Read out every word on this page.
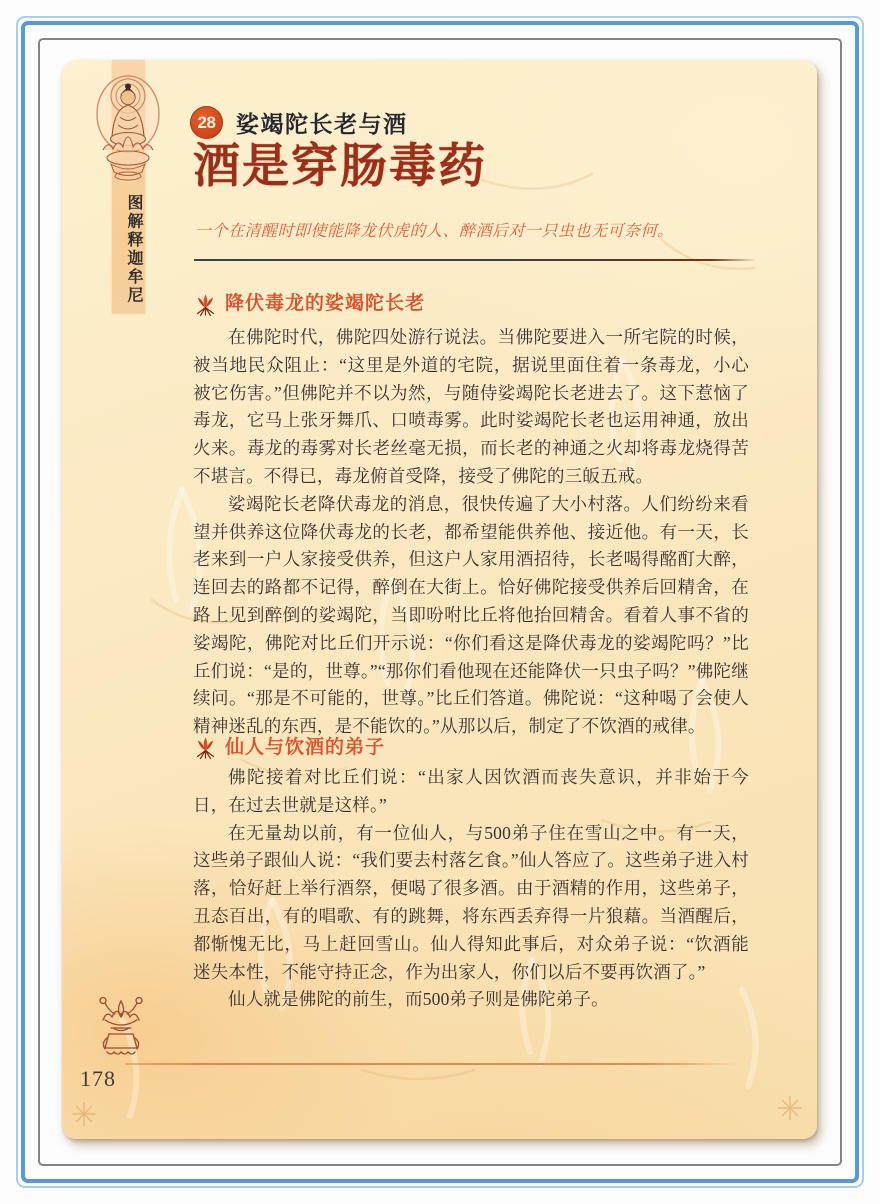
图解释迦牟尼
28 娑竭陀长老与酒
酒是穿肠毒药

一个在清醒时即使能降龙伏虎的人、醉酒后对一只虫也无可奈何。

降伏毒龙的娑竭陀长老

在佛陀时代，佛陀四处游行说法。当佛陀要进入一所宅院的时候，被当地民众阻止：“这里是外道的宅院，据说里面住着一条毒龙，小心被它伤害。”但佛陀并不以为然，与随侍娑竭陀长老进去了。这下惹恼了毒龙，它马上张牙舞爪、口喷毒雾。此时娑竭陀长老也运用神通，放出火来。毒龙的毒雾对长老丝毫无损，而长老的神通之火却将毒龙烧得苦不堪言。不得已，毒龙俯首受降，接受了佛陀的三皈五戒。

娑竭陀长老降伏毒龙的消息，很快传遍了大小村落。人们纷纷来看望并供养这位降伏毒龙的长老，都希望能供养他、接近他。有一天，长老来到一户人家接受供养，但这户人家用酒招待，长老喝得酩酊大醉，连回去的路都不记得，醉倒在大街上。恰好佛陀接受供养后回精舍，在路上见到醉倒的娑竭陀，当即吩咐比丘将他抬回精舍。看着人事不省的娑竭陀，佛陀对比丘们开示说：“你们看这是降伏毒龙的娑竭陀吗？”比丘们说：“是的，世尊。”“那你们看他现在还能降伏一只虫子吗？”佛陀继续问。“那是不可能的，世尊。”比丘们答道。佛陀说：“这种喝了会使人精神迷乱的东西，是不能饮的。”从那以后，制定了不饮酒的戒律。

仙人与饮酒的弟子

佛陀接着对比丘们说：“出家人因饮酒而丧失意识，并非始于今日，在过去世就是这样。”

在无量劫以前，有一位仙人，与500弟子住在雪山之中。有一天，这些弟子跟仙人说：“我们要去村落乞食。”仙人答应了。这些弟子进入村落，恰好赶上举行酒祭，便喝了很多酒。由于酒精的作用，这些弟子，丑态百出，有的唱歌、有的跳舞，将东西丢弃得一片狼藉。当酒醒后，都惭愧无比，马上赶回雪山。仙人得知此事后，对众弟子说：“饮酒能迷失本性，不能守持正念，作为出家人，你们以后不要再饮酒了。”

仙人就是佛陀的前生，而500弟子则是佛陀弟子。

178
